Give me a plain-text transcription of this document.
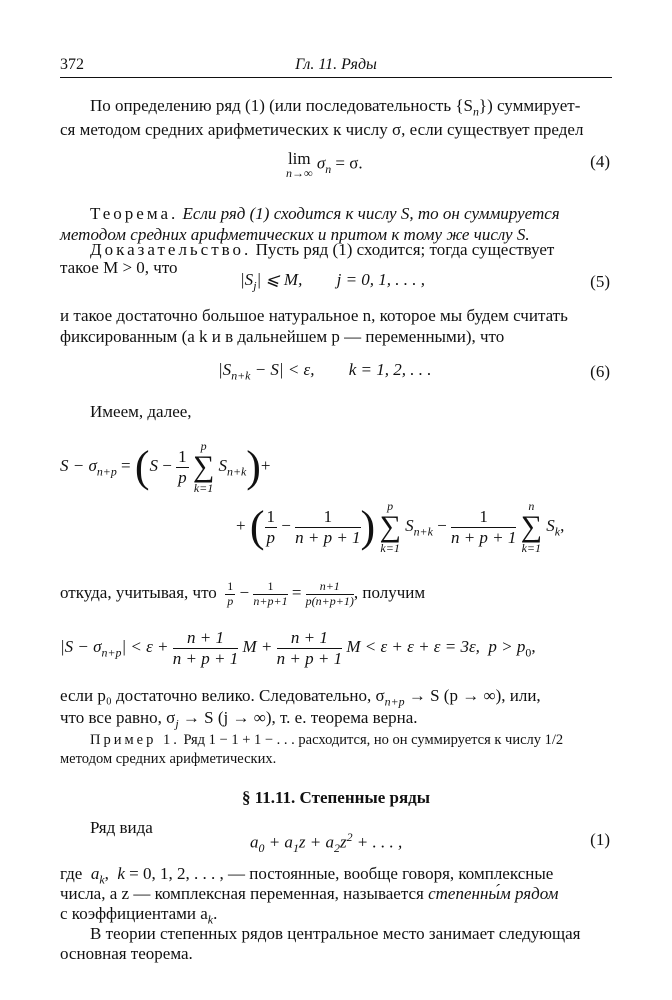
372	Гл. 11. Ряды
По определению ряд (1) (или последовательность $\{S_n\}$) суммирует-
ся методом средних арифметических к числу σ, если существует предел
lim
n→∞
$\sigma_n = \sigma$.	(4)
Теорема. Если ряд (1) сходится к числу S, то он суммируется
методом средних арифметических и притом к тому же числу S.
Доказательство. Пусть ряд (1) сходится; тогда существует
такое M > 0, что
$|S_j|$ ⩽ M, j = 0, 1, . . . ,	(5)
и такое достаточно большое натуральное n, которое мы будем считать
фиксированным (а k и в дальнейшем p — переменными), что
$|S_{n+k} - S| < \varepsilon$, k = 1, 2, . . .	(6)
Имеем, далее,
$S - \sigma_{n+p} = (S - \frac{1}{p}$

p
∑
k=1
$S_{n+k})+$
+ ( $\frac{1}{p} - \frac{1}{n + p + 1}$ ) p
∑
k=1
$S_{n+k} - \frac{1}{n + p + 1}$

n
∑
k=1
$S_k$,
откуда, учитывая, что $\frac{1}{p} - \frac{1}{n+p+1} = \frac{n+1}{p(n+p+1)}$ , получим
$|S - \sigma_{n+p}| < \varepsilon + \frac{n + 1}{n + p + 1}$ $M + \frac{n + 1}{n + p + 1}$ M < ε + ε + ε = 3ε, $p > p_0$,
если p₀ достаточно велико. Следовательно, $\sigma_{n+p} \to S$ (p → ∞), или,
что все равно, $\sigma_j \to S$ (j → ∞), т. е. теорема верна.
Пример 1. Ряд 1 − 1 + 1 − . . . расходится, но он суммируется к числу 1/2
методом средних арифметических.
§ 11.11. Степенные ряды
Ряд вида
$a_0 + a_1z + a_2z^2$ + . . . ,	(1)
где $a_k$,  k = 0, 1, 2, . . . , — постоянные, вообще говоря, комплексные
числа, а z — комплексная переменная, называется степенны́м рядом
с коэффициентами $a_k$.
В теории степенных рядов центральное место занимает следующая
основная теорема.
